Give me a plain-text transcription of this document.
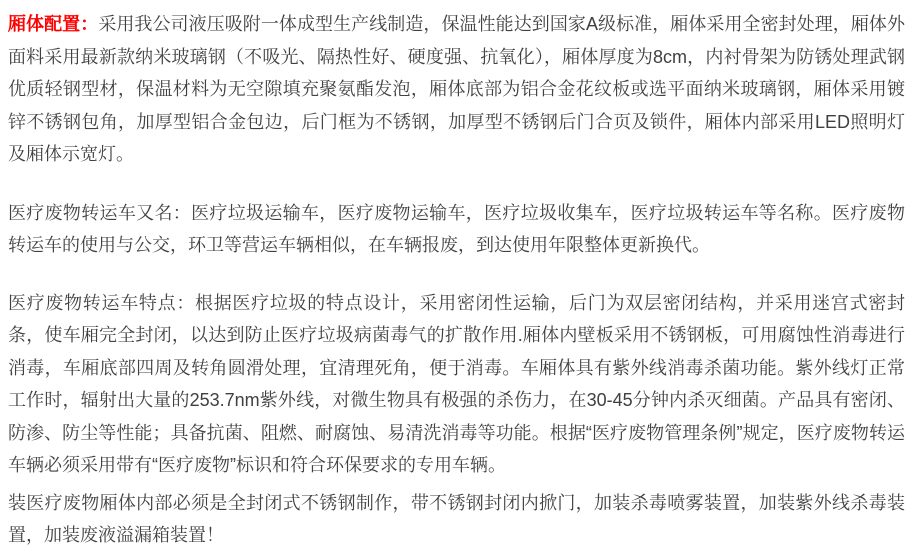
厢体配置：采用我公司液压吸附一体成型生产线制造，保温性能达到国家A级标准，厢体采用全密封处理，厢体外面料采用最新款纳米玻璃钢（不吸光、隔热性好、硬度强、抗氧化），厢体厚度为8cm，内衬骨架为防锈处理武钢优质轻钢型材，保温材料为无空隙填充聚氨酯发泡，厢体底部为铝合金花纹板或选平面纳米玻璃钢，厢体采用镀锌不锈钢包角，加厚型铝合金包边，后门框为不锈钢，加厚型不锈钢后门合页及锁件，厢体内部采用LED照明灯及厢体示宽灯。

医疗废物转运车又名：医疗垃圾运输车，医疗废物运输车，医疗垃圾收集车，医疗垃圾转运车等名称。医疗废物转运车的使用与公交，环卫等营运车辆相似，在车辆报废，到达使用年限整体更新换代。

医疗废物转运车特点：根据医疗垃圾的特点设计，采用密闭性运输，后门为双层密闭结构，并采用迷宫式密封条，使车厢完全封闭，以达到防止医疗垃圾病菌毒气的扩散作用.厢体内壁板采用不锈钢板，可用腐蚀性消毒进行消毒，车厢底部四周及转角圆滑处理，宜清理死角，便于消毒。车厢体具有紫外线消毒杀菌功能。紫外线灯正常工作时，辐射出大量的253.7nm紫外线，对微生物具有极强的杀伤力，在30-45分钟内杀灭细菌。产品具有密闭、防渗、防尘等性能；具备抗菌、阻燃、耐腐蚀、易清洗消毒等功能。根据“医疗废物管理条例”规定，医疗废物转运车辆必须采用带有“医疗废物”标识和符合环保要求的专用车辆。

装医疗废物厢体内部必须是全封闭式不锈钢制作，带不锈钢封闭内掀门，加装杀毒喷雾装置，加装紫外线杀毒装置，加装废液溢漏箱装置！
